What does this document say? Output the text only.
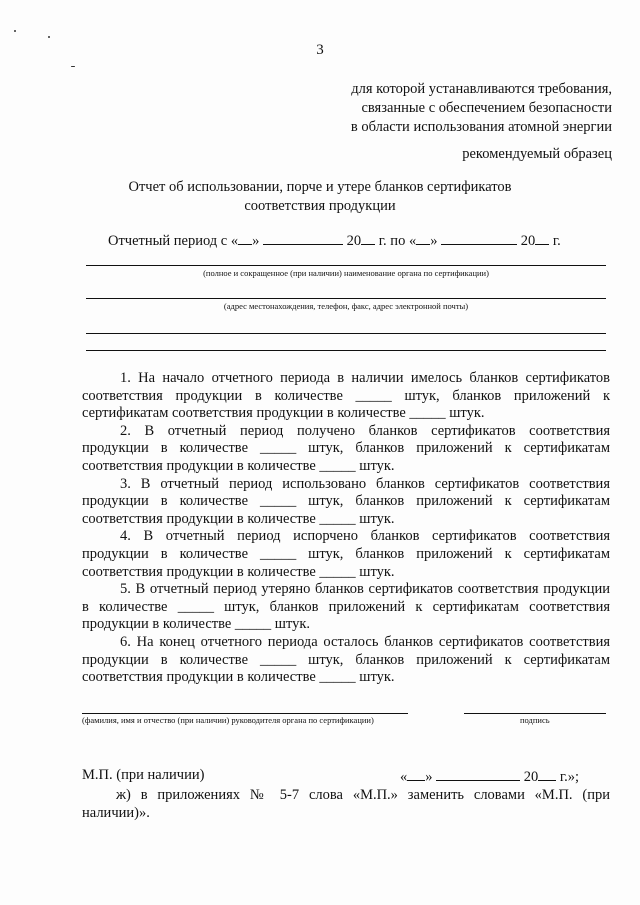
3
для которой устанавливаются требования,
связанные с обеспечением безопасности
в области использования атомной энергии
рекомендуемый образец
Отчет об использовании, порче и утере бланков сертификатов
соответствия продукции
Отчетный период с « »	20 г. по « »	20 г.
(полное и сокращенное (при наличии) наименование органа по сертификации)
(адрес местонахождения, телефон, факс, адрес электронной почты)

1. На начало отчетного периода в наличии имелось бланков сертификатов соответствия продукции в количестве _____ штук, бланков приложений к сертификатам соответствия продукции в количестве _____ штук.

2. В отчетный период получено бланков сертификатов соответствия продукции в количестве _____ штук, бланков приложений к сертификатам соответствия продукции в количестве _____ штук.

3. В отчетный период использовано бланков сертификатов соответствия продукции в количестве _____ штук, бланков приложений к сертификатам соответствия продукции в количестве _____ штук.

4. В отчетный период испорчено бланков сертификатов соответствия продукции в количестве _____ штук, бланков приложений к сертификатам соответствия продукции в количестве _____ штук.

5. В отчетный период утеряно бланков сертификатов соответствия продукции в количестве _____ штук, бланков приложений к сертификатам соответствия продукции в количестве _____ штук.

6. На конец отчетного периода осталось бланков сертификатов соответствия продукции в количестве _____ штук, бланков приложений к сертификатам соответствия продукции в количестве _____ штук.

(фамилия, имя и отчество (при наличии) руководителя органа по сертификации)	подпись
М.П. (при наличии)	« »	20 г.»;

ж) в приложениях № 5-7 слова «М.П.» заменить словами «М.П. (при наличии)».
